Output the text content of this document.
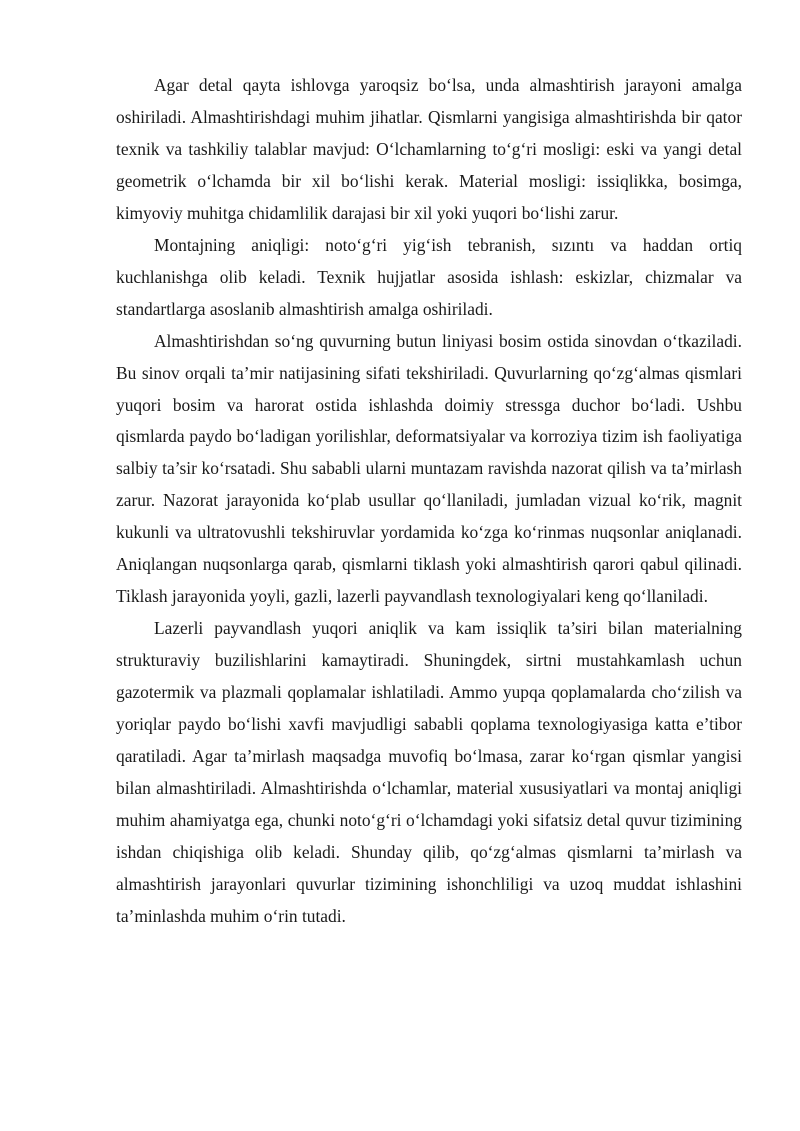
Agar detal qayta ishlovga yaroqsiz bo‘lsa, unda almashtirish jarayoni amalga oshiriladi. Almashtirishdagi muhim jihatlar. Qismlarni yangisiga almashtirishda bir qator texnik va tashkiliy talablar mavjud: O‘lchamlarning to‘g‘ri mosligi: eski va yangi detal geometrik o‘lchamda bir xil bo‘lishi kerak. Material mosligi: issiqlikka, bosimga, kimyoviy muhitga chidamlilik darajasi bir xil yoki yuqori bo‘lishi zarur.

Montajning aniqligi: noto‘g‘ri yig‘ish tebranish, sızıntı va haddan ortiq kuchlanishga olib keladi. Texnik hujjatlar asosida ishlash: eskizlar, chizmalar va standartlarga asoslanib almashtirish amalga oshiriladi.

Almashtirishdan so‘ng quvurning butun liniyasi bosim ostida sinovdan o‘tkaziladi. Bu sinov orqali ta’mir natijasining sifati tekshiriladi. Quvurlarning qo‘zg‘almas qismlari yuqori bosim va harorat ostida ishlashda doimiy stressga duchor bo‘ladi. Ushbu qismlarda paydo bo‘ladigan yorilishlar, deformatsiyalar va korroziya tizim ish faoliyatiga salbiy ta’sir ko‘rsatadi. Shu sababli ularni muntazam ravishda nazorat qilish va ta’mirlash zarur. Nazorat jarayonida ko‘plab usullar qo‘llaniladi, jumladan vizual ko‘rik, magnit kukunli va ultratovushli tekshiruvlar yordamida ko‘zga ko‘rinmas nuqsonlar aniqlanadi. Aniqlangan nuqsonlarga qarab, qismlarni tiklash yoki almashtirish qarori qabul qilinadi. Tiklash jarayonida yoyli, gazli, lazerli payvandlash texnologiyalari keng qo‘llaniladi.

Lazerli payvandlash yuqori aniqlik va kam issiqlik ta’siri bilan materialning strukturaviy buzilishlarini kamaytiradi. Shuningdek, sirtni mustahkamlash uchun gazotermik va plazmali qoplamalar ishlatiladi. Ammo yupqa qoplamalarda cho‘zilish va yoriqlar paydo bo‘lishi xavfi mavjudligi sababli qoplama texnologiyasiga katta e’tibor qaratiladi. Agar ta’mirlash maqsadga muvofiq bo‘lmasa, zarar ko‘rgan qismlar yangisi bilan almashtiriladi. Almashtirishda o‘lchamlar, material xususiyatlari va montaj aniqligi muhim ahamiyatga ega, chunki noto‘g‘ri o‘lchamdagi yoki sifatsiz detal quvur tizimining ishdan chiqishiga olib keladi. Shunday qilib, qo‘zg‘almas qismlarni ta’mirlash va almashtirish jarayonlari quvurlar tizimining ishonchliligi va uzoq muddat ishlashini ta’minlashda muhim o‘rin tutadi.
